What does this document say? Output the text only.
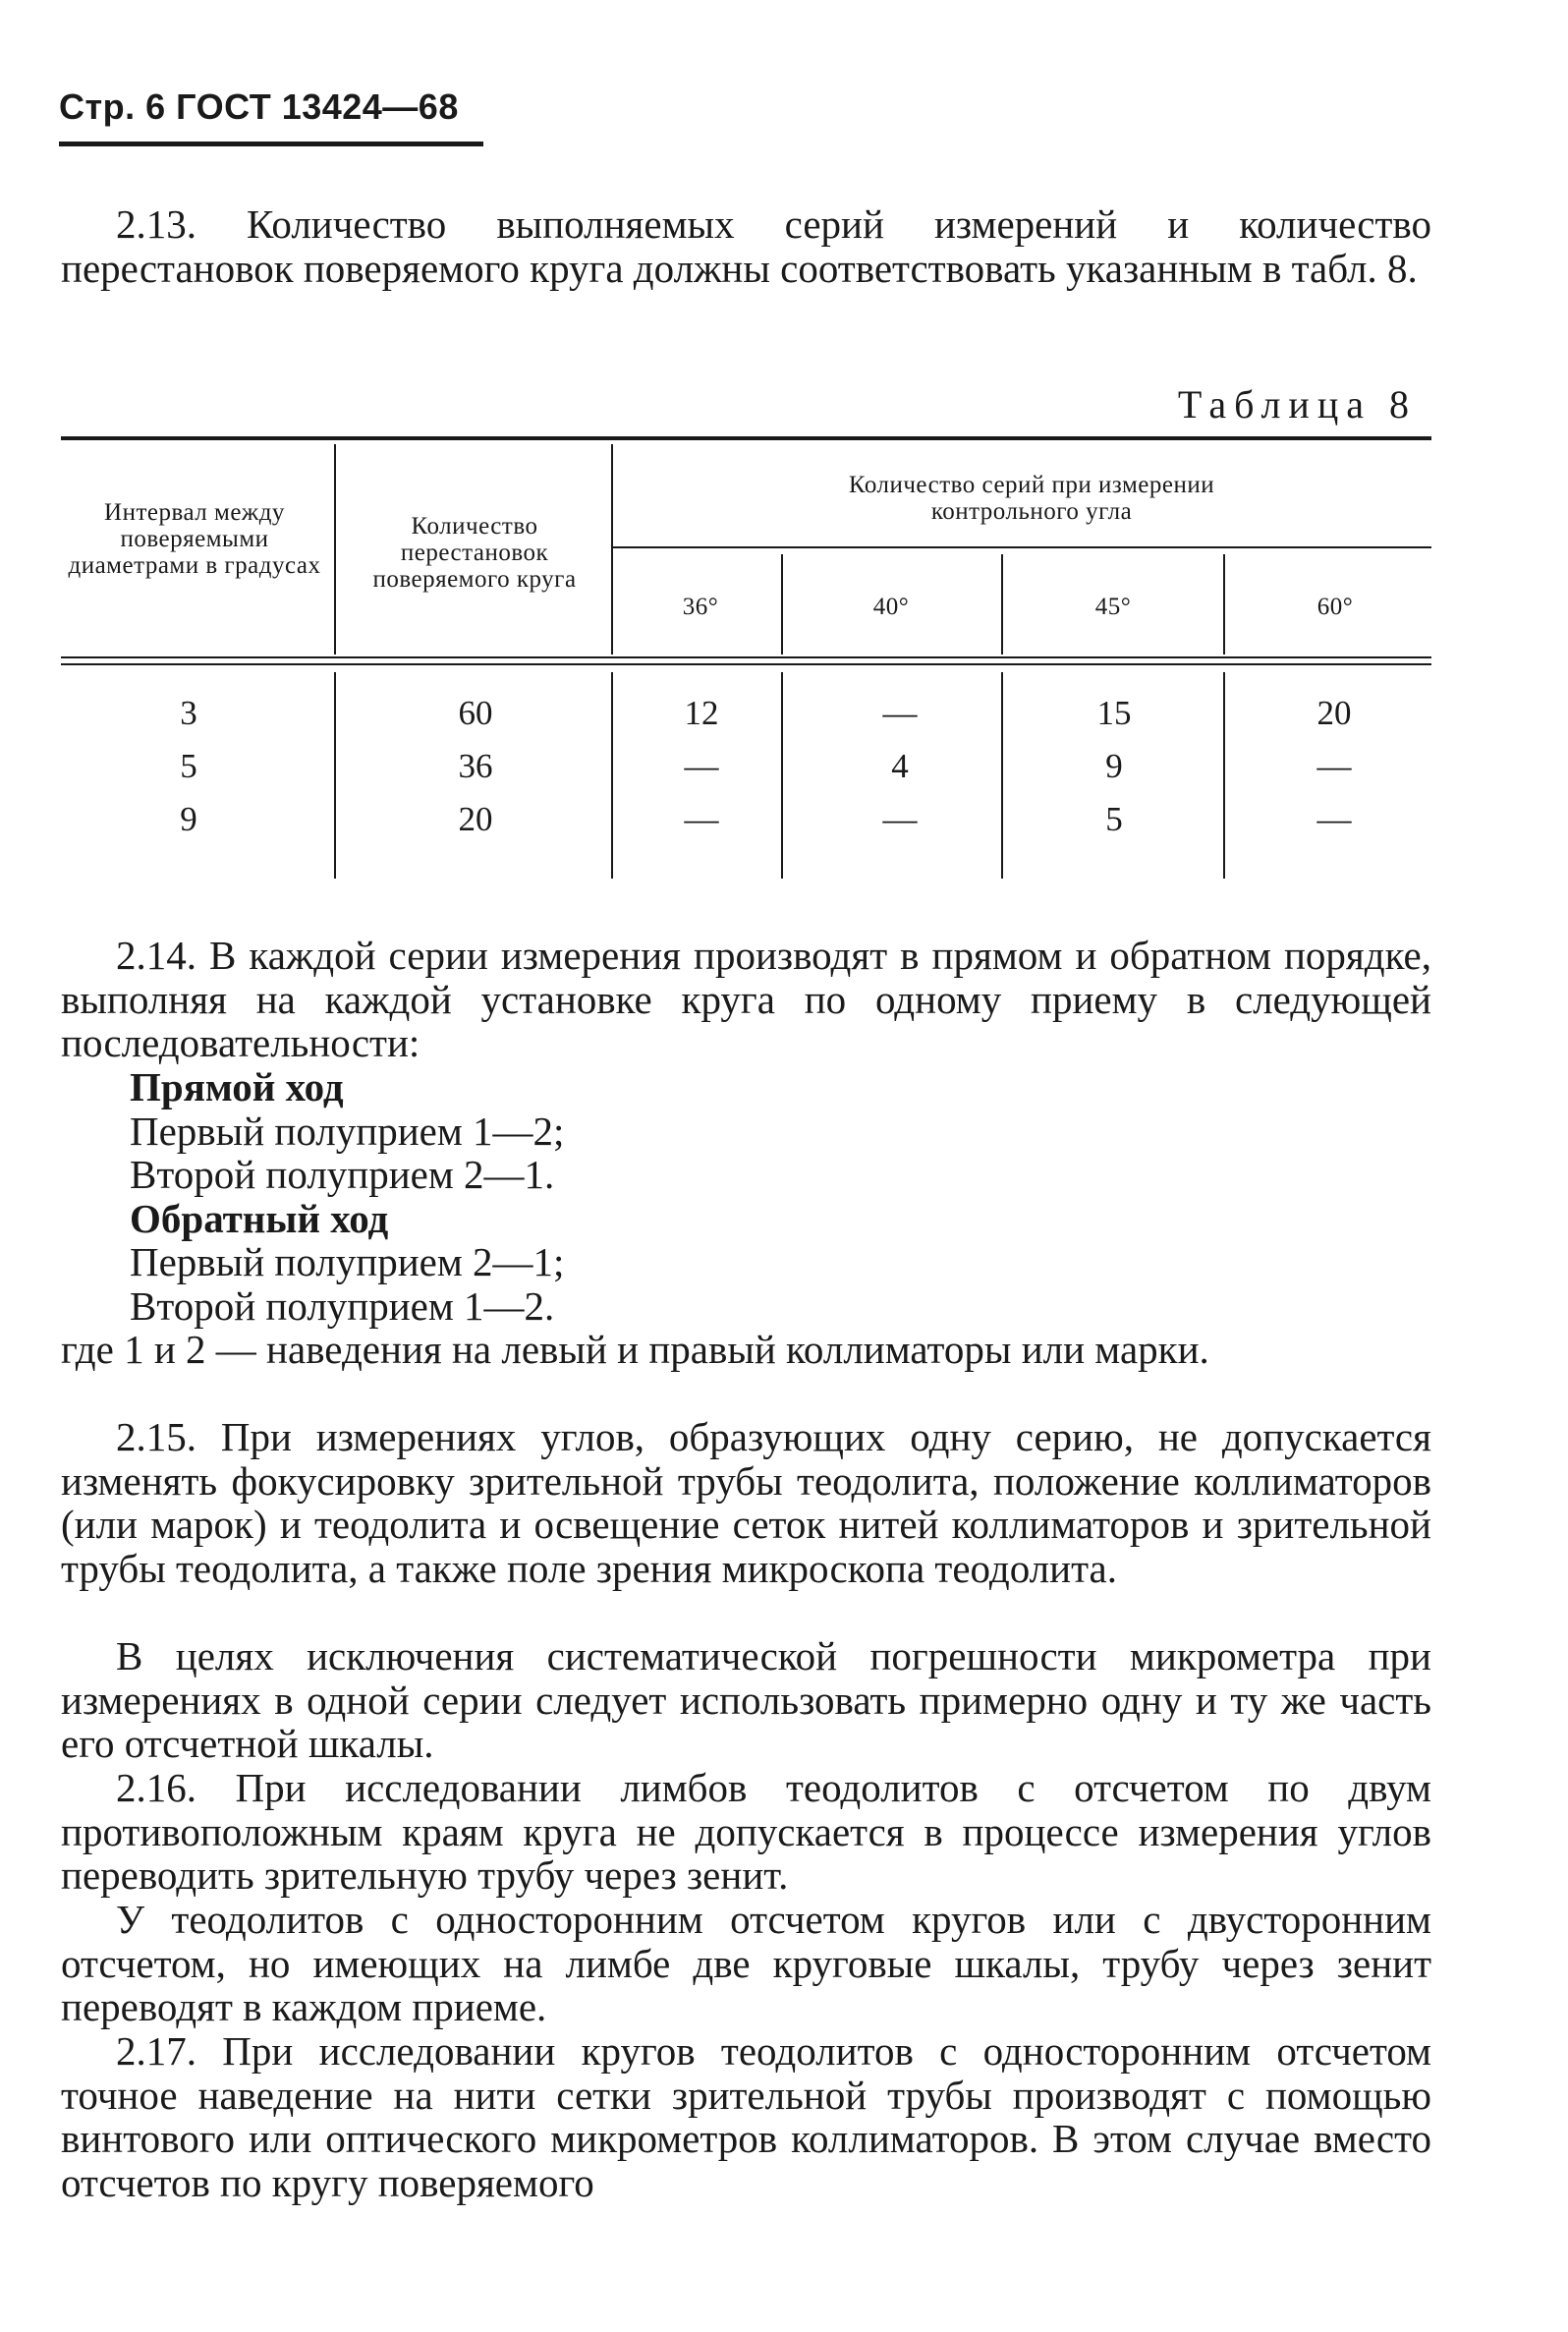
Стр. 6 ГОСТ 13424—68

2.13. Количество выполняемых серий измерений и количество перестановок поверяемого круга должны соответствовать указанным в табл. 8.

Таблица 8
Интервал между поверяемыми диаметрами в градусах
Количество перестановок поверяемого круга
Количество серий при измерении контрольного угла
36°	40°	45°	60°
3	60	12	—	15	20
5	36	—	4	9	—
9	20	—	—	5	—

2.14. В каждой серии измерения производят в прямом и обратном порядке, выполняя на каждой установке круга по одному приему в следующей последовательности:

Прямой ход
Первый полуприем 1—2;
Второй полуприем 2—1.
Обратный ход
Первый полуприем 2—1;
Второй полуприем 1—2.

где 1 и 2 — наведения на левый и правый коллиматоры или марки.

2.15. При измерениях углов, образующих одну серию, не допускается изменять фокусировку зрительной трубы теодолита, положение коллиматоров (или марок) и теодолита и освещение сеток нитей коллиматоров и зрительной трубы теодолита, а также поле зрения микроскопа теодолита.

В целях исключения систематической погрешности микрометра при измерениях в одной серии следует использовать примерно одну и ту же часть его отсчетной шкалы.

2.16. При исследовании лимбов теодолитов с отсчетом по двум противоположным краям круга не допускается в процессе измерения углов переводить зрительную трубу через зенит.

У теодолитов с односторонним отсчетом кругов или с двусторонним отсчетом, но имеющих на лимбе две круговые шкалы, трубу через зенит переводят в каждом приеме.

2.17. При исследовании кругов теодолитов с односторонним отсчетом точное наведение на нити сетки зрительной трубы производят с помощью винтового или оптического микрометров коллиматоров. В этом случае вместо отсчетов по кругу поверяемого
